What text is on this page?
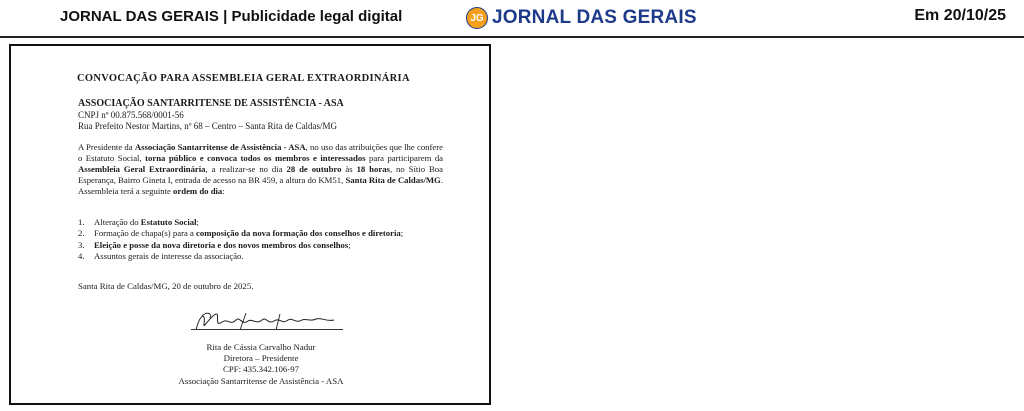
JORNAL DAS GERAIS | Publicidade legal digital	JG JORNAL DAS GERAIS	Em 20/10/25
CONVOCAÇÃO PARA ASSEMBLEIA GERAL EXTRAORDINÁRIA
ASSOCIAÇÃO SANTARRITENSE DE ASSISTÊNCIA - ASA
CNPJ nº 00.875.568/0001-56
Rua Prefeito Nestor Martins, nº 68 – Centro – Santa Rita de Caldas/MG

A Presidente da Associação Santarritense de Assistência - ASA, no uso das atribuições que lhe confere o Estatuto Social, torna público e convoca todos os membros e interessados para participarem da Assembleia Geral Extraordinária, a realizar-se no dia 28 de outubro às 18 horas, no Sítio Boa Esperança, Bairro Gineta I, entrada de acesso na BR 459, a altura do KM51, Santa Rita de Caldas/MG. Assembleia terá a seguinte ordem do dia:

1.	Alteração do Estatuto Social;
2.	Formação de chapa(s) para a composição da nova formação dos conselhos e diretoria;
3.	Eleição e posse da nova diretoria e dos novos membros dos conselhos;
4.	Assuntos gerais de interesse da associação.
Santa Rita de Caldas/MG, 20 de outubro de 2025.
Rita de Cássia Carvalho Nadur
Diretora – Presidente
CPF: 435.342.106-97
Associação Santarritense de Assistência - ASA
